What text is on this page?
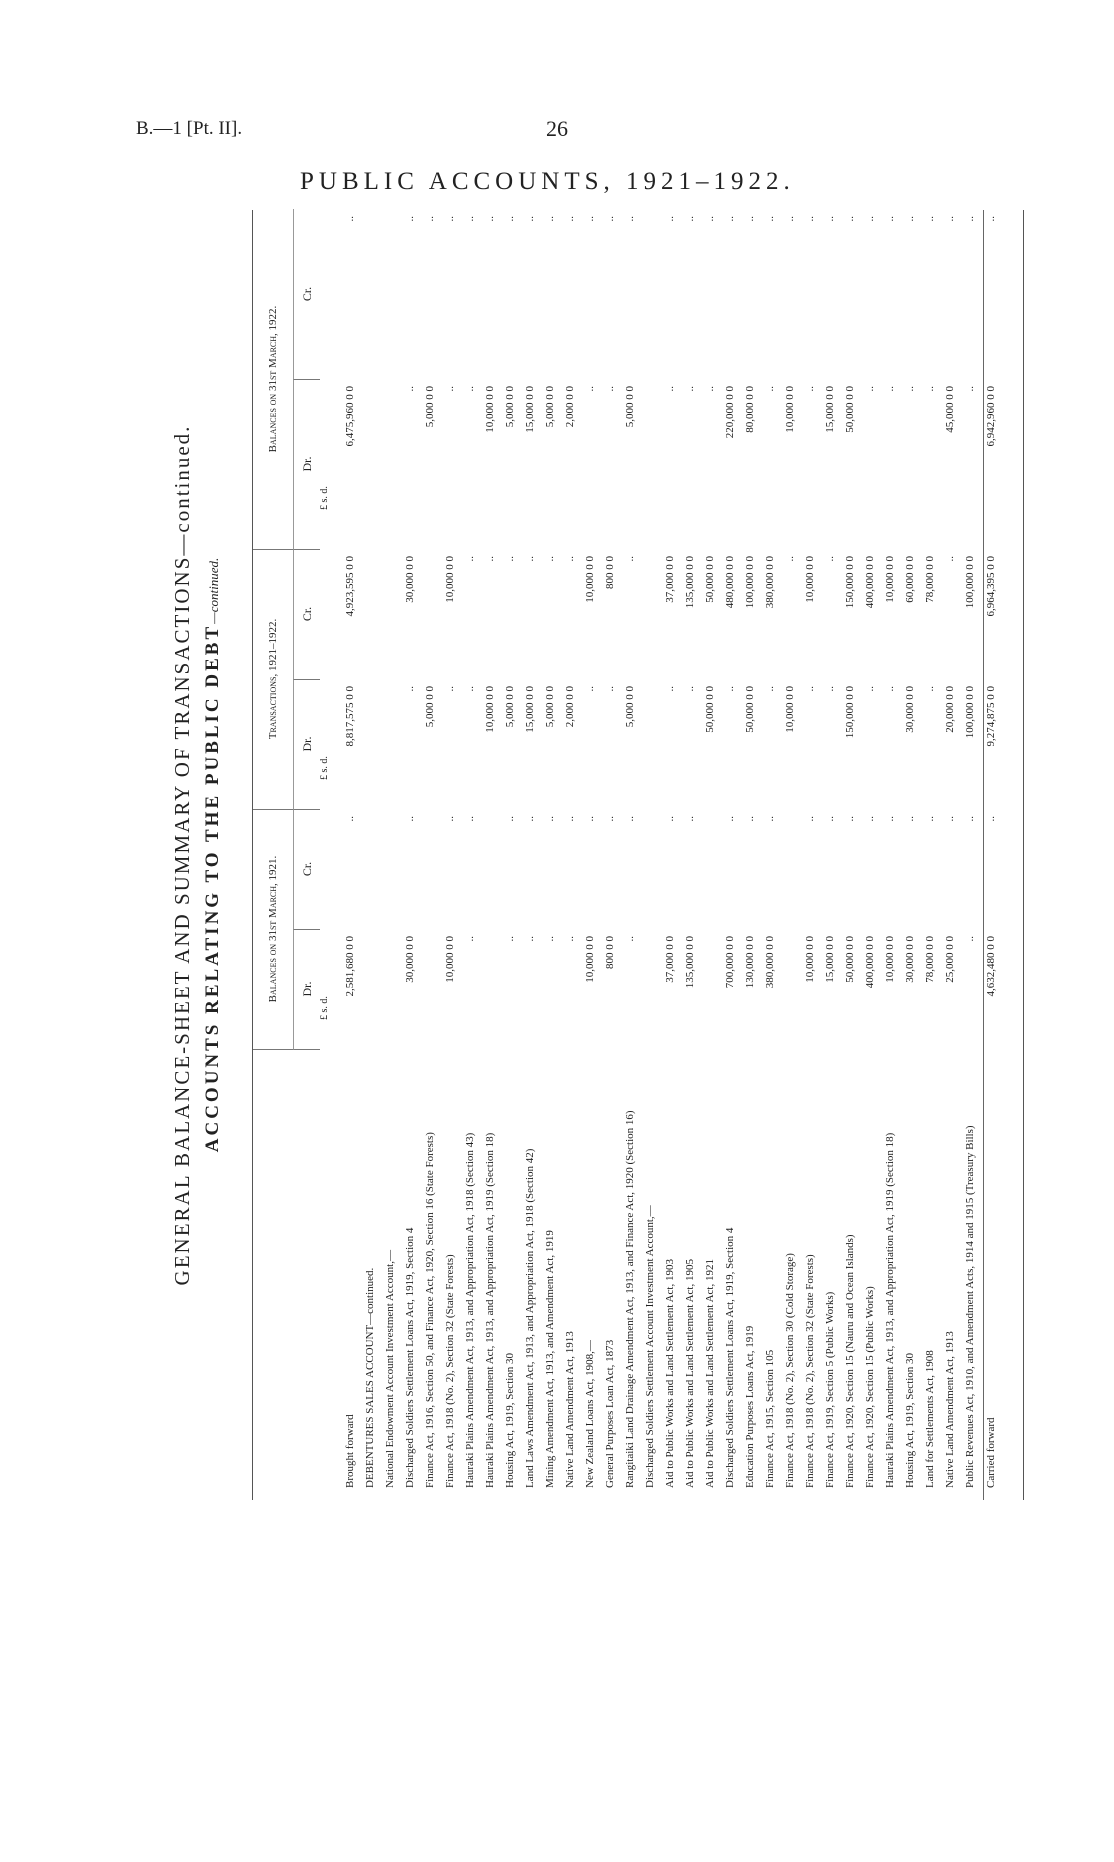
B.—1 [Pt. II].	26
PUBLIC ACCOUNTS, 1921–1922.
GENERAL BALANCE-SHEET AND SUMMARY OF TRANSACTIONS—continued. ACCOUNTS RELATING TO THE PUBLIC DEBT—continued.
Balances on 31st March, 1921.
Transactions, 1921–1922.
Balances on 31st March, 1922.
Dr.
Cr.
Dr.
Cr.
Dr.
Cr.
£ s. d.
£ s. d.
£ s. d.
Brought forward
2,581,680 0 0
..
8,817,575 0 0
4,923,595 0 0
6,475,960 0 0
..
DEBENTURES SALES ACCOUNT—continued. National Endowment Account Investment Account,— Discharged Soldiers Settlement Loans Act, 1919, Section 4
30,000 0 0
..
..
30,000 0 0
..
..
Finance Act, 1916, Section 50, and Finance Act, 1920, Section 16 (State Forests)
5,000 0 0
5,000 0 0
..
Finance Act, 1918 (No. 2), Section 32 (State Forests)
10,000 0 0
..
..
10,000 0 0
..
..
Hauraki Plains Amendment Act, 1913, and Appropriation Act, 1918 (Section 43)
..
..
..
..
..
..
Hauraki Plains Amendment Act, 1913, and Appropriation Act, 1919 (Section 18)
10,000 0 0
..
10,000 0 0
..
Housing Act, 1919, Section 30
..
..
5,000 0 0
..
5,000 0 0
..
Land Laws Amendment Act, 1913, and Appropriation Act, 1918 (Section 42)
..
..
15,000 0 0
..
15,000 0 0
..
Mining Amendment Act, 1913, and Amendment Act, 1919
..
..
5,000 0 0
..
5,000 0 0
..
Native Land Amendment Act, 1913
..
..
2,000 0 0
..
2,000 0 0
..
New Zealand Loans Act, 1908,—
10,000 0 0
..
..
10,000 0 0
..
..
General Purposes Loan Act, 1873
800 0 0
..
..
800 0 0
..
..
Rangitaiki Land Drainage Amendment Act, 1913, and Finance Act, 1920 (Section 16)
..
..
5,000 0 0
..
5,000 0 0
..
Discharged Soldiers Settlement Account Investment Account,— Aid to Public Works and Land Settlement Act, 1903
37,000 0 0
..
..
37,000 0 0
..
..
Aid to Public Works and Land Settlement Act, 1905
135,000 0 0
..
..
135,000 0 0
..
..
Aid to Public Works and Land Settlement Act, 1921
50,000 0 0
50,000 0 0
..
..
Discharged Soldiers Settlement Loans Act, 1919, Section 4
700,000 0 0
..
..
480,000 0 0
220,000 0 0
..
Education Purposes Loans Act, 1919
130,000 0 0
..
50,000 0 0
100,000 0 0
80,000 0 0
..
Finance Act, 1915, Section 105
380,000 0 0
..
..
380,000 0 0
..
..
Finance Act, 1918 (No. 2), Section 30 (Cold Storage)
10,000 0 0
..
10,000 0 0
..
Finance Act, 1918 (No. 2), Section 32 (State Forests)
10,000 0 0
..
..
10,000 0 0
..
..
Finance Act, 1919, Section 5 (Public Works)
15,000 0 0
..
..
..
15,000 0 0
..
Finance Act, 1920, Section 15 (Nauru and Ocean Islands)
50,000 0 0
..
150,000 0 0
150,000 0 0
50,000 0 0
..
Finance Act, 1920, Section 15 (Public Works)
400,000 0 0
..
..
400,000 0 0
..
..
Hauraki Plains Amendment Act, 1913, and Appropriation Act, 1919 (Section 18)
10,000 0 0
..
..
10,000 0 0
..
..
Housing Act, 1919, Section 30
30,000 0 0
..
30,000 0 0
60,000 0 0
..
..
Land for Settlements Act, 1908
78,000 0 0
..
..
78,000 0 0
..
..
Native Land Amendment Act, 1913
25,000 0 0
..
20,000 0 0
..
45,000 0 0
..
Public Revenues Act, 1910, and Amendment Acts, 1914 and 1915 (Treasury Bills)
..
..
100,000 0 0
100,000 0 0
..
..
Carried forward
4,632,480 0 0
..
9,274,875 0 0
6,964,395 0 0
6,942,960 0 0
..
